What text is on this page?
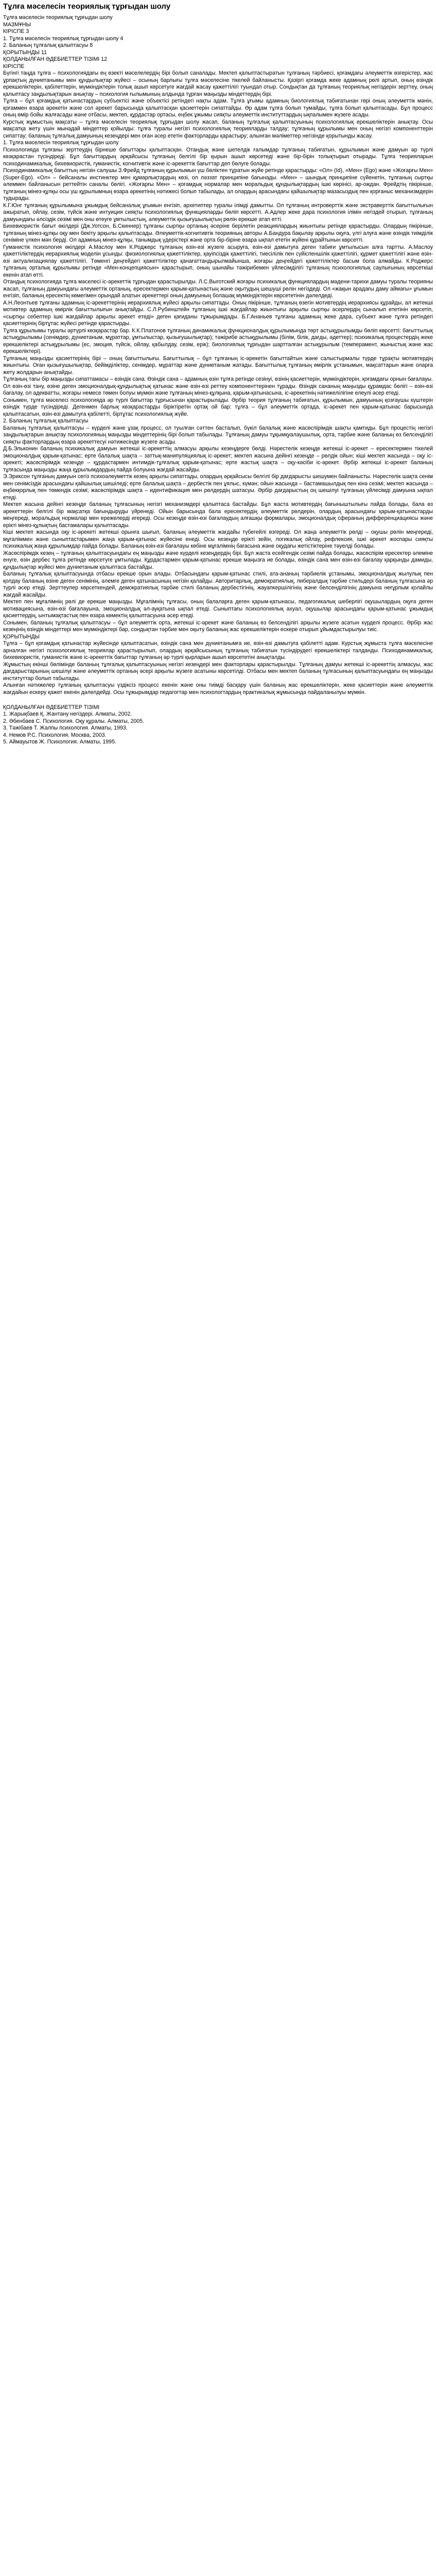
Тұлға мәселесін теориялық тұрғыдан шолу
Тұлға мәселесін теориялық тұрғыдан шолу
МАЗМҰНЫ
КІРІСПЕ 3
1. Тұлға мәселесін теориялық тұрғыдан шолу 4
2. Баланың тұлғалық қалыптасуы 8
ҚОРЫТЫНДЫ 11
ҚОЛДАНЫЛҒАН ӘДЕБИЕТТЕР ТІЗІМІ 12
КІРІСПЕ

Бүгінгі таңда тұлға – психологиядағы ең өзекті мәселелердің бірі болып саналады. Мектеп қалыптастыратын тұлғаның тәрбиесі, қоғамдағы әлеуметтік өзгерістер, жас ұрпақтың дүниетанымы мен құндылықтар жүйесі – осының барлығы тұлға мәселесіне тікелей байланысты. Қазіргі қоғамда жеке адамның рөлі артып, оның өзіндік ерекшеліктерін, қабілеттерін, мүмкіндіктерін толық ашып көрсетуге жағдай жасау қажеттілігі туындап отыр. Сондықтан да тұлғаның теориялық негіздерін зерттеу, оның қалыптасу заңдылықтарын анықтау – психология ғылымының алдында тұрған маңызды міндеттердің бірі.

Тұлға – бұл қоғамдық қатынастардың субъектісі және объектісі ретіндегі нақты адам. Тұлға ұғымы адамның биологиялық табиғатынан гөрі оның әлеуметтік мәнін, қоғаммен өзара әрекетін және сол әрекет барысында қалыптасқан қасиеттерін сипаттайды. Әр адам тұлға болып тумайды, тұлға болып қалыптасады. Бұл процесс оның өмір бойы жалғасады және отбасы, мектеп, құрдастар ортасы, еңбек ұжымы сияқты әлеуметтік институттардың ықпалымен жүзеге асады.

Курстық жұмыстың мақсаты – тұлға мәселесін теориялық тұрғыдан шолу жасап, баланың тұлғалық қалыптасуының психологиялық ерекшеліктерін анықтау. Осы мақсатқа жету үшін мынадай міндеттер қойылды: тұлға туралы негізгі психологиялық теорияларды талдау; тұлғаның құрылымы мен оның негізгі компоненттерін сипаттау; баланың тұлғалық дамуының кезеңдері мен оған әсер ететін факторларды қарастыру; алынған мәліметтер негізінде қорытынды жасау.

1. Тұлға мәселесін теориялық тұрғыдан шолу

Психологияда тұлғаны зерттеудің бірнеше бағыттары қалыптасқан. Отандық және шетелдік ғалымдар тұлғаның табиғатын, құрылымын және дамуын әр түрлі көзқарастан түсіндіреді. Бұл бағыттардың әрқайсысы тұлғаның белгілі бір қырын ашып көрсетеді және бір-бірін толықтырып отырады. Тұлға теорияларын психодинамикалық, бихевиористік, гуманистік, когнитивтік және іс-әрекеттік бағыттар деп бөлуге болады.

Психодинамикалық бағыттың негізін салушы З.Фрейд тұлғаның құрылымын үш бөліктен тұратын жүйе ретінде қарастырды: «Ол» (Id), «Мен» (Ego) және «Жоғарғы Мен» (Super-Ego). «Ол» – бейсаналы инстинктер мен құмарлықтардың көзі, ол ләззат принципіне бағынады. «Мен» – шындық принципіне сүйенетін, тұлғаның сыртқы әлеммен байланысын реттейтін саналы бөлігі. «Жоғарғы Мен» – қоғамдық нормалар мен моральдық құндылықтардың ішкі көрінісі, ар-ождан. Фрейдтің пікірінше, тұлғаның мінез-құлқы осы үш құрылымның өзара әрекетінің нәтижесі болып табылады, ал олардың арасындағы қайшылықтар мазасыздық пен қорғаныс механизмдерін тудырады.

К.Г.Юнг тұлғаның құрылымына ұжымдық бейсаналық ұғымын енгізіп, архетиптер туралы ілімді дамытты. Ол тұлғаның интроверттік және экстраверттік бағыттылығын ажыратып, ойлау, сезім, түйсік және интуиция сияқты психологиялық функцияларды бөліп көрсетті. А.Адлер жеке дара психология ілімін негіздей отырып, тұлғаның дамуындағы әлсіздік сезімі мен оны өтеуге ұмтылыстың, әлеуметтік қызығушылықтың рөлін ерекше атап өтті.

Бихевиористік бағыт өкілдері (Дж.Уотсон, Б.Скиннер) тұлғаны сыртқы ортаның әсеріне берілетін реакциялардың жиынтығы ретінде қарастырды. Олардың пікірінше, тұлғаның мінез-құлқы оқу мен бекіту арқылы қалыптасады. Әлеуметтік-когнитивтік теорияның авторы А.Бандура бақылау арқылы оқуға, үлгі алуға және өзіндік тиімділік сеніміне үлкен мән берді. Ол адамның мінез-құлқы, танымдық үдерістері және орта бір-біріне өзара ықпал ететін жүйені құрайтынын көрсетті.

Гуманистік психология өкілдері А.Маслоу мен К.Роджерс тұлғаның өзін-өзі жүзеге асыруға, өзін-өзі дамытуға деген табиғи ұмтылысын алға тартты. А.Маслоу қажеттіліктердің иерархиялық моделін ұсынды: физиологиялық қажеттіліктер, қауіпсіздік қажеттілігі, тиесілілік пен сүйіспеншілік қажеттілігі, құрмет қажеттілігі және өзін-өзі актуализациялау қажеттілігі. Төменгі деңгейдегі қажеттіліктер қанағаттандырылмайынша, жоғары деңгейдегі қажеттіліктер басым бола алмайды. К.Роджерс тұлғаның орталық құрылымы ретінде «Мен-концепциясын» қарастырып, оның шынайы тәжірибемен үйлесімділігі тұлғаның психологиялық саулығының көрсеткіші екенін атап өтті.

Отандық психологияда тұлға мәселесі іс-әрекеттік тұрғыдан қарастырылды. Л.С.Выготский жоғары психикалық функциялардың мәдени-тарихи дамуы туралы теорияны жасап, тұлғаның дамуындағы әлеуметтік ортаның, ересектермен қарым-қатынастың және оқытудың шешуші рөлін негіздеді. Ол «жақын арадағы даму аймағы» ұғымын енгізіп, баланың ересектің көмегімен орындай алатын әрекеттері оның дамуының болашақ мүмкіндіктерін көрсететінін дәлелдеді.

А.Н.Леонтьев тұлғаны адамның іс-әрекеттерінің иерархиялық жүйесі арқылы сипаттады. Оның пікірінше, тұлғаның өзегін мотивтердің иерархиясы құрайды, ал жетекші мотивтер адамның өмірлік бағыттылығын анықтайды. С.Л.Рубинштейн тұлғаның ішкі жағдайлар жиынтығы арқылы сыртқы әсерлердің сыналып өтетінін көрсетіп, «сыртқы себептер ішкі жағдайлар арқылы әрекет етеді» деген қағиданы тұжырымдады. Б.Г.Ананьев тұлғаны адамның жеке дара, субъект және тұлға ретіндегі қасиеттерінің біртұтас жүйесі ретінде қарастырды.

Тұлға құрылымы туралы әртүрлі көзқарастар бар. К.К.Платонов тұлғаның динамикалық функционалдық құрылымында төрт астықұрылымды бөліп көрсетті: бағыттылық астықұрылымы (сенімдер, дүниетаным, мұраттар, ұмтылыстар, қызығушылықтар); тәжірибе астықұрылымы (білім, білік, дағды, әдеттер); психикалық процестердің жеке ерекшеліктері астықұрылымы (ес, эмоция, түйсік, ойлау, қабылдау, сезім, ерік); биологиялық тұрғыдан шартталған астықұрылым (темперамент, жыныстық және жас ерекшеліктері).

Тұлғаның маңызды қасиеттерінің бірі – оның бағыттылығы. Бағыттылық – бұл тұлғаның іс-әрекетін бағыттайтын және салыстырмалы түрде тұрақты мотивтердің жиынтығы. Оған қызығушылықтар, бейімділіктер, сенімдер, мұраттар және дүниетаным жатады. Бағыттылық тұлғаның өмірлік ұстанымын, мақсаттарын және оларға жету жолдарын анықтайды.

Тұлғаның тағы бір маңызды сипаттамасы – өзіндік сана. Өзіндік сана – адамның өзін тұлға ретінде сезінуі, өзінің қасиеттерін, мүмкіндіктерін, қоғамдағы орнын бағалауы. Ол өзін-өзі тану, өзіне деген эмоционалдық-құндылықтық қатынас және өзін-өзі реттеу компоненттерінен тұрады. Өзіндік сананың маңызды құрамдас бөлігі – өзін-өзі бағалау, ол адекватты, жоғары немесе төмен болуы мүмкін және тұлғаның мінез-құлқына, қарым-қатынасына, іс-әрекетінің нәтижелілігіне елеулі әсер етеді.

Сонымен, тұлға мәселесі психологияда әр түрлі бағыттар тұрғысынан қарастырылады. Әрбір теория тұлғаның табиғатын, құрылымын, дамуының қозғаушы күштерін өзіндік түрде түсіндіреді. Дегенмен барлық көзқарастарды біріктіретін ортақ ой бар: тұлға – бұл әлеуметтік ортада, іс-әрекет пен қарым-қатынас барысында қалыптасатын, өзін-өзі дамытуға қабілетті, біртұтас психологиялық жүйе.

2. Баланың тұлғалық қалыптасуы

Баланың тұлғалық қалыптасуы – күрделі және ұзақ процесс, ол туылған сәттен басталып, бүкіл балалық және жасөспірімдік шақты қамтиды. Бұл процестің негізгі заңдылықтарын анықтау психологияның маңызды міндеттерінің бірі болып табылады. Тұлғаның дамуы тұқымқуалаушылық, орта, тәрбие және баланың өз белсенділігі сияқты факторлардың өзара әрекеттесуі нәтижесінде жүзеге асады.

Д.Б.Эльконин баланың психикалық дамуын жетекші іс-әрекеттің алмасуы арқылы кезеңдерге бөлді. Нәрестелік кезеңде жетекші іс-әрекет – ересектермен тікелей эмоционалдық қарым-қатынас; ерте балалық шақта – заттық-манипуляциялық іс-әрекет; мектеп жасына дейінгі кезеңде – рөлдік ойын; кіші мектеп жасында – оқу іс-әрекеті; жасөспірімдік кезеңде – құрдастармен интимдік-тұлғалық қарым-қатынас; ерте жастық шақта – оқу-кәсіби іс-әрекет. Әрбір жетекші іс-әрекет баланың тұлғасында маңызды жаңа құрылымдардың пайда болуына жағдай жасайды.

Э.Эриксон тұлғаның дамуын сегіз психоәлеуметтік кезең арқылы сипаттады, олардың әрқайсысы белгілі бір дағдарысты шешумен байланысты. Нәрестелік шақта сенім мен сенімсіздік арасындағы қайшылық шешіледі; ерте балалық шақта – дербестік пен ұялыс, күмән; ойын жасында – бастамашылдық пен кінә сезімі; мектеп жасында – еңбекқорлық пен төмендік сезімі; жасөспірімдік шақта – идентификация мен рөлдердің шатасуы. Әрбір дағдарыстың оң шешілуі тұлғаның үйлесімді дамуына ықпал етеді.

Мектеп жасына дейінгі кезеңде баланың тұлғасының негізгі механизмдері қалыптаса бастайды. Бұл жаста мотивтердің бағыныштылығы пайда болады, бала өз әрекеттерін белгілі бір мақсатқа бағындыруды үйренеді. Ойын барысында бала ересектердің әлеуметтік рөлдерін, олардың арасындағы қарым-қатынастарды меңгереді, моральдық нормалар мен ережелерді игереді. Осы кезеңде өзін-өзі бағалаудың алғашқы формалары, эмоционалдық сфераның дифференциациясы және ерікті мінез-құлықтың бастамалары қалыптасады.

Кіші мектеп жасында оқу іс-әрекеті жетекші орынға шығып, баланың әлеуметтік жағдайы түбегейлі өзгереді. Ол жаңа әлеуметтік рөлді – оқушы рөлін меңгереді, мұғаліммен және сыныптастарымен жаңа қарым-қатынас жүйесіне енеді. Осы кезеңде ерікті зейін, логикалық ойлау, рефлексия, ішкі әрекет жоспары сияқты психикалық жаңа құрылымдар пайда болады. Баланың өзін-өзі бағалауы көбіне мұғалімнің бағасына және оқудағы жетістіктеріне тәуелді болады.

Жасөспірімдік кезең – тұлғаның қалыптасуындағы ең маңызды және күрделі кезеңдердің бірі. Бұл жаста есейгендік сезімі пайда болады, жасөспірім ересектер әлеміне енуге, өзін дербес тұлға ретінде көрсетуге ұмтылады. Құрдастармен қарым-қатынас ерекше маңызға ие болады, өзіндік сана мен өзін-өзі бағалау қарқынды дамиды, құндылықтар жүйесі мен дүниетаным қалыптаса бастайды.

Баланың тұлғалық қалыптасуында отбасы ерекше орын алады. Отбасындағы қарым-қатынас стилі, ата-ананың тәрбиелік ұстанымы, эмоционалдық жылулық пен қолдау баланың өзіне деген сенімінің, әлемге деген қатынасының негізін қалайды. Авторитарлық, демократиялық, либералдық тәрбие стильдері баланың тұлғасына әр түрлі әсер етеді. Зерттеулер көрсеткендей, демократиялық тәрбие стилі баланың дербестігінің, жауапкершілігінің және белсенділігінің дамуына неғұрлым қолайлы жағдай жасайды.

Мектеп пен мұғалімнің рөлі де ерекше маңызды. Мұғалімнің тұлғасы, оның балаларға деген қарым-қатынасы, педагогикалық шеберлігі оқушылардың оқуға деген мотивациясына, өзін-өзі бағалауына, эмоционалдық әл-ауқатына ықпал етеді. Сыныптағы психологиялық ахуал, оқушылар арасындағы қарым-қатынас ұжымдық қасиеттердің, ынтымақтастық пен өзара көмектің қалыптасуына әсер етеді.

Сонымен, баланың тұлғалық қалыптасуы – бұл әлеуметтік орта, жетекші іс-әрекет және баланың өз белсенділігі арқылы жүзеге асатын күрделі процесс. Әрбір жас кезеңінің өзіндік міндеттері мен мүмкіндіктері бар, сондықтан тәрбие мен оқыту баланың жас ерекшеліктерін ескере отырып ұйымдастырылуы тиіс.

ҚОРЫТЫНДЫ

Тұлға – бұл қоғамдық қатынастар жүйесінде қалыптасатын, өзіндік сана мен дүниетанымға ие, өзін-өзі дамытуға қабілетті адам. Курстық жұмыста тұлға мәселесіне арналған негізгі психологиялық теориялар қарастырылып, олардың әрқайсысының тұлғаның табиғатын түсіндірудегі ерекшеліктері талданды. Психодинамикалық, бихевиористік, гуманистік және іс-әрекеттік бағыттар тұлғаның әр түрлі қырларын ашып көрсететіні анықталды.

Жұмыстың екінші бөлімінде баланың тұлғалық қалыптасуының негізгі кезеңдері мен факторлары қарастырылды. Тұлғаның дамуы жетекші іс-әрекеттің алмасуы, жас дағдарыстарының шешілуі және әлеуметтік ортаның әсері арқылы жүзеге асатыны көрсетілді. Отбасы мен мектеп баланың тұлғасының қалыптасуындағы ең маңызды институттар болып табылады.

Алынған нәтижелер тұлғаның қалыптасуы үздіксіз процесс екенін және оны тиімді басқару үшін баланың жас ерекшеліктерін, жеке қасиеттерін және әлеуметтік жағдайын ескеру қажет екенін дәлелдейді. Осы тұжырымдар педагогтар мен психологтардың практикалық жұмысында пайдаланылуы мүмкін.

ҚОЛДАНЫЛҒАН ӘДЕБИЕТТЕР ТІЗІМІ
1. Жарықбаев Қ. Жантану негіздері. Алматы, 2002.
2. Әбенбаев С. Психология. Оқу құралы. Алматы, 2005.
3. Тәжібаев Т. Жалпы психология. Алматы, 1993.
4. Немов Р.С. Психология. Москва, 2003.
5. Аймауытов Ж. Психология. Алматы, 1995.
